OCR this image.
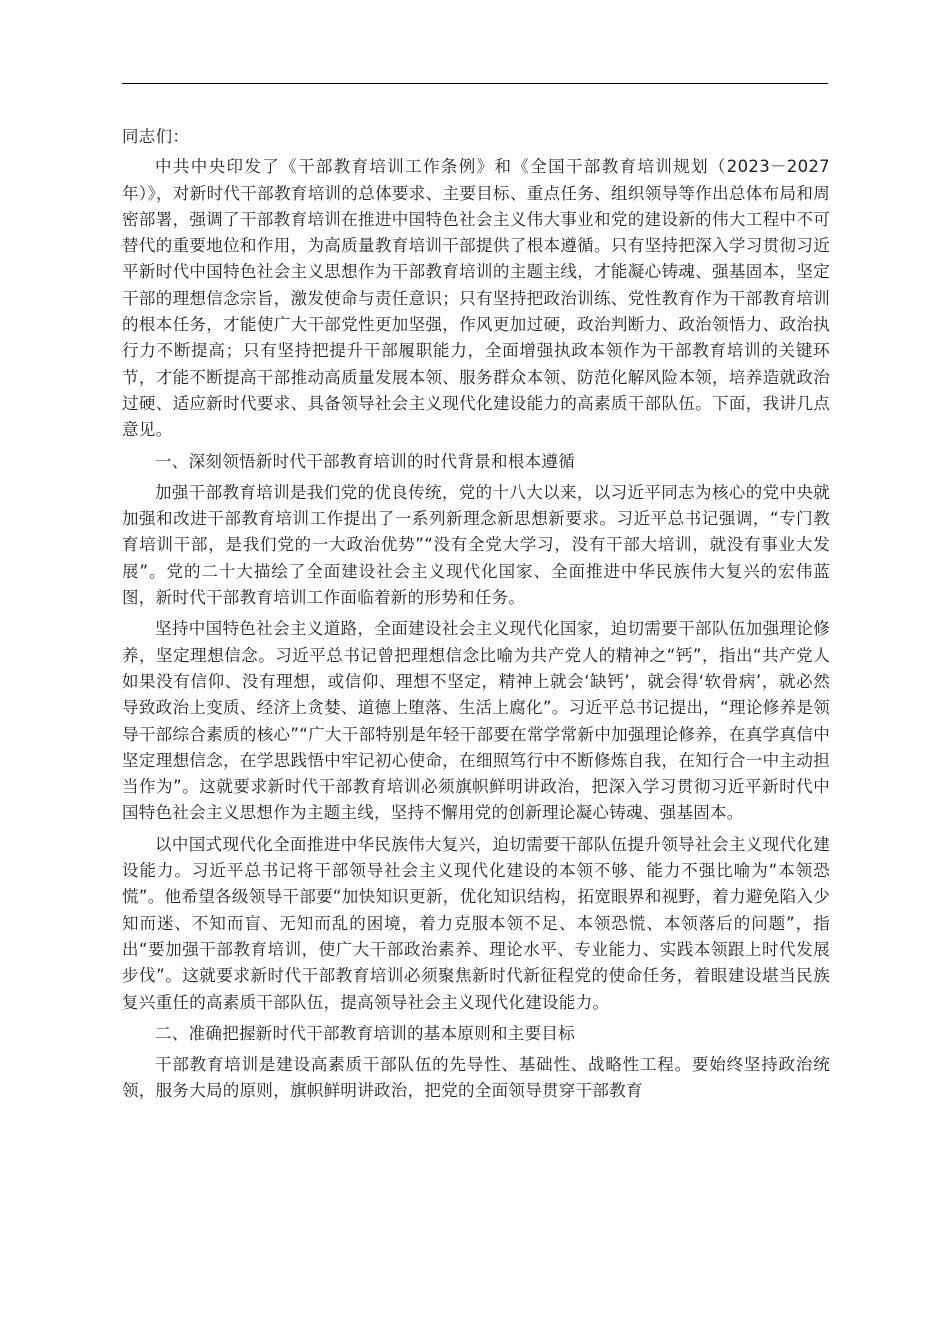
同志们：

中共中央印发了《干部教育培训工作条例》和《全国干部教育培训规划（2023－2027年）》，对新时代干部教育培训的总体要求、主要目标、重点任务、组织领导等作出总体布局和周密部署，强调了干部教育培训在推进中国特色社会主义伟大事业和党的建设新的伟大工程中不可替代的重要地位和作用，为高质量教育培训干部提供了根本遵循。只有坚持把深入学习贯彻习近平新时代中国特色社会主义思想作为干部教育培训的主题主线，才能凝心铸魂、强基固本，坚定干部的理想信念宗旨，激发使命与责任意识；只有坚持把政治训练、党性教育作为干部教育培训的根本任务，才能使广大干部党性更加坚强，作风更加过硬，政治判断力、政治领悟力、政治执行力不断提高；只有坚持把提升干部履职能力，全面增强执政本领作为干部教育培训的关键环节，才能不断提高干部推动高质量发展本领、服务群众本领、防范化解风险本领，培养造就政治过硬、适应新时代要求、具备领导社会主义现代化建设能力的高素质干部队伍。下面，我讲几点意见。

一、深刻领悟新时代干部教育培训的时代背景和根本遵循

加强干部教育培训是我们党的优良传统，党的十八大以来，以习近平同志为核心的党中央就加强和改进干部教育培训工作提出了一系列新理念新思想新要求。习近平总书记强调，“专门教育培训干部，是我们党的一大政治优势”“没有全党大学习，没有干部大培训，就没有事业大发展”。党的二十大描绘了全面建设社会主义现代化国家、全面推进中华民族伟大复兴的宏伟蓝图，新时代干部教育培训工作面临着新的形势和任务。

坚持中国特色社会主义道路，全面建设社会主义现代化国家，迫切需要干部队伍加强理论修养，坚定理想信念。习近平总书记曾把理想信念比喻为共产党人的精神之“钙”，指出“共产党人如果没有信仰、没有理想，或信仰、理想不坚定，精神上就会‘缺钙’，就会得‘软骨病’，就必然导致政治上变质、经济上贪婪、道德上堕落、生活上腐化”。习近平总书记提出，“理论修养是领导干部综合素质的核心”“广大干部特别是年轻干部要在常学常新中加强理论修养，在真学真信中坚定理想信念，在学思践悟中牢记初心使命，在细照笃行中不断修炼自我，在知行合一中主动担当作为”。这就要求新时代干部教育培训必须旗帜鲜明讲政治，把深入学习贯彻习近平新时代中国特色社会主义思想作为主题主线，坚持不懈用党的创新理论凝心铸魂、强基固本。

以中国式现代化全面推进中华民族伟大复兴，迫切需要干部队伍提升领导社会主义现代化建设能力。习近平总书记将干部领导社会主义现代化建设的本领不够、能力不强比喻为“本领恐慌”。他希望各级领导干部要“加快知识更新，优化知识结构，拓宽眼界和视野，着力避免陷入少知而迷、不知而盲、无知而乱的困境，着力克服本领不足、本领恐慌、本领落后的问题”，指出“要加强干部教育培训，使广大干部政治素养、理论水平、专业能力、实践本领跟上时代发展步伐”。这就要求新时代干部教育培训必须聚焦新时代新征程党的使命任务，着眼建设堪当民族复兴重任的高素质干部队伍，提高领导社会主义现代化建设能力。

二、准确把握新时代干部教育培训的基本原则和主要目标

干部教育培训是建设高素质干部队伍的先导性、基础性、战略性工程。要始终坚持政治统领，服务大局的原则，旗帜鲜明讲政治，把党的全面领导贯穿干部教育
